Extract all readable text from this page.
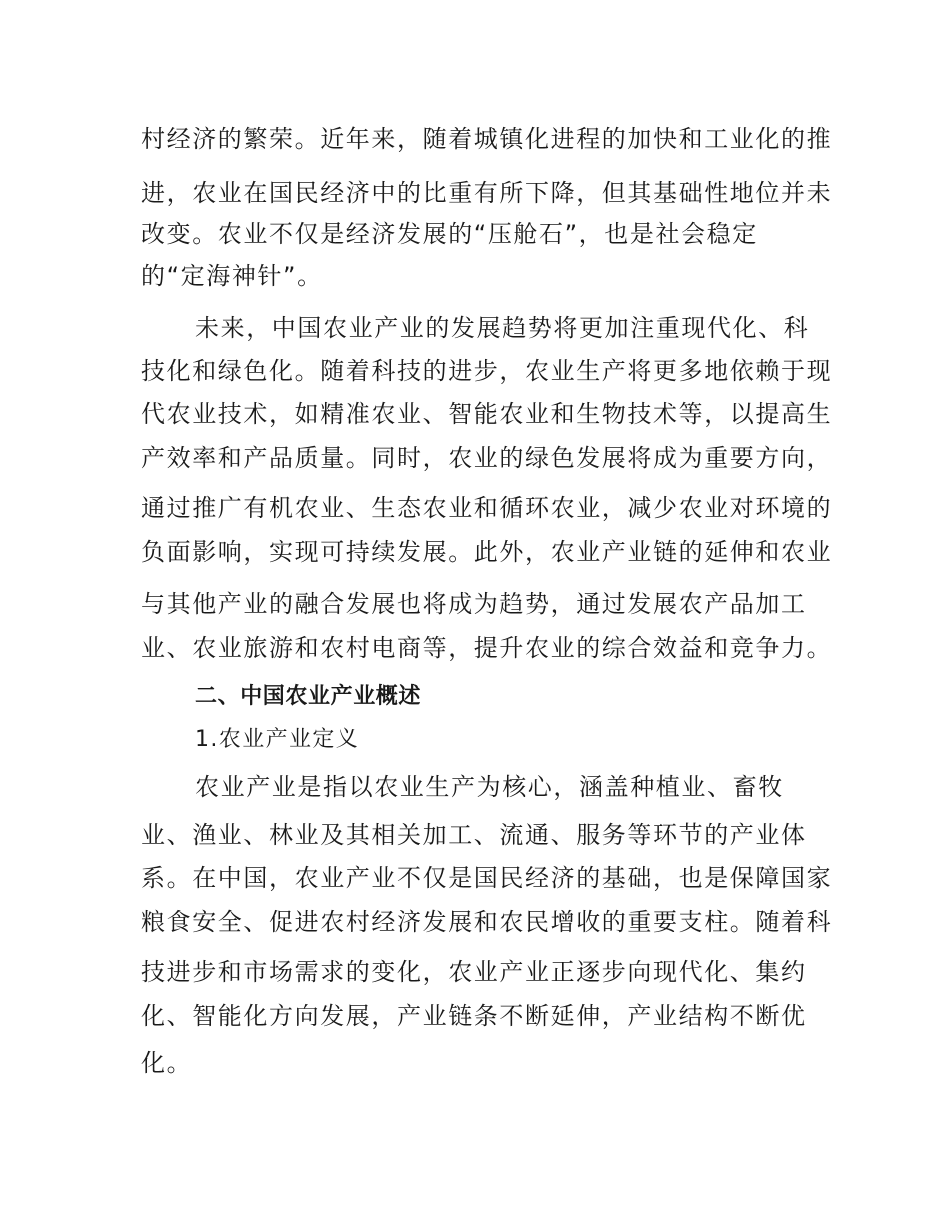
村经济的繁荣。近年来，随着城镇化进程的加快和工业化的推
进，农业在国民经济中的比重有所下降，但其基础性地位并未
改变。农业不仅是经济发展的“压舱石”，也是社会稳定
的“定海神针”。
未来，中国农业产业的发展趋势将更加注重现代化、科
技化和绿色化。随着科技的进步，农业生产将更多地依赖于现
代农业技术，如精准农业、智能农业和生物技术等，以提高生
产效率和产品质量。同时，农业的绿色发展将成为重要方向，
通过推广有机农业、生态农业和循环农业，减少农业对环境的
负面影响，实现可持续发展。此外，农业产业链的延伸和农业
与其他产业的融合发展也将成为趋势，通过发展农产品加工
业、农业旅游和农村电商等，提升农业的综合效益和竞争力。
二、中国农业产业概述
1.农业产业定义
农业产业是指以农业生产为核心，涵盖种植业、畜牧
业、渔业、林业及其相关加工、流通、服务等环节的产业体
系。在中国，农业产业不仅是国民经济的基础，也是保障国家
粮食安全、促进农村经济发展和农民增收的重要支柱。随着科
技进步和市场需求的变化，农业产业正逐步向现代化、集约
化、智能化方向发展，产业链条不断延伸，产业结构不断优
化。
